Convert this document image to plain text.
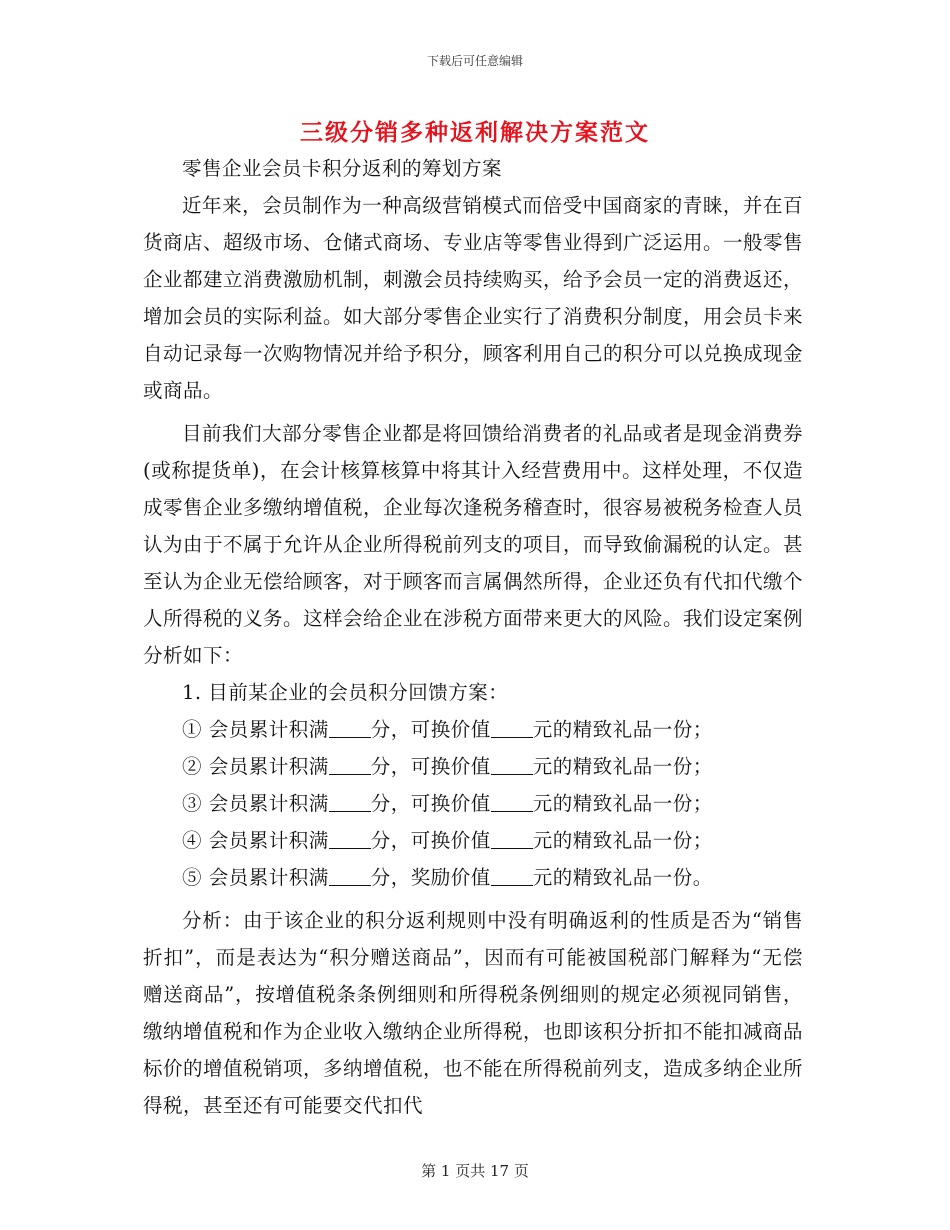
下载后可任意编辑
三级分销多种返利解决方案范文

零售企业会员卡积分返利的筹划方案

近年来，会员制作为一种高级营销模式而倍受中国商家的青睐，并在百货商店、超级市场、仓储式商场、专业店等零售业得到广泛运用。一般零售企业都建立消费激励机制，刺激会员持续购买，给予会员一定的消费返还，增加会员的实际利益。如大部分零售企业实行了消费积分制度，用会员卡来自动记录每一次购物情况并给予积分，顾客利用自己的积分可以兑换成现金或商品。

目前我们大部分零售企业都是将回馈给消费者的礼品或者是现金消费券(或称提货单)，在会计核算核算中将其计入经营费用中。这样处理，不仅造成零售企业多缴纳增值税，企业每次逢税务稽查时，很容易被税务检查人员认为由于不属于允许从企业所得税前列支的项目，而导致偷漏税的认定。甚至认为企业无偿给顾客，对于顾客而言属偶然所得，企业还负有代扣代缴个人所得税的义务。这样会给企业在涉税方面带来更大的风险。我们设定案例分析如下：

1. 目前某企业的会员积分回馈方案：

① 会员累计积满 分，可换价值 元的精致礼品一份；

② 会员累计积满 分，可换价值 元的精致礼品一份；

③ 会员累计积满 分，可换价值 元的精致礼品一份；

④ 会员累计积满 分，可换价值 元的精致礼品一份；

⑤ 会员累计积满 分，奖励价值 元的精致礼品一份。

分析：由于该企业的积分返利规则中没有明确返利的性质是否为“销售折扣”，而是表达为“积分赠送商品”，因而有可能被国税部门解释为“无偿赠送商品”，按增值税条条例细则和所得税条例细则的规定必须视同销售，缴纳增值税和作为企业收入缴纳企业所得税，也即该积分折扣不能扣减商品标价的增值税销项，多纳增值税，也不能在所得税前列支，造成多纳企业所得税，甚至还有可能要交代扣代

第 1 页共 17 页
